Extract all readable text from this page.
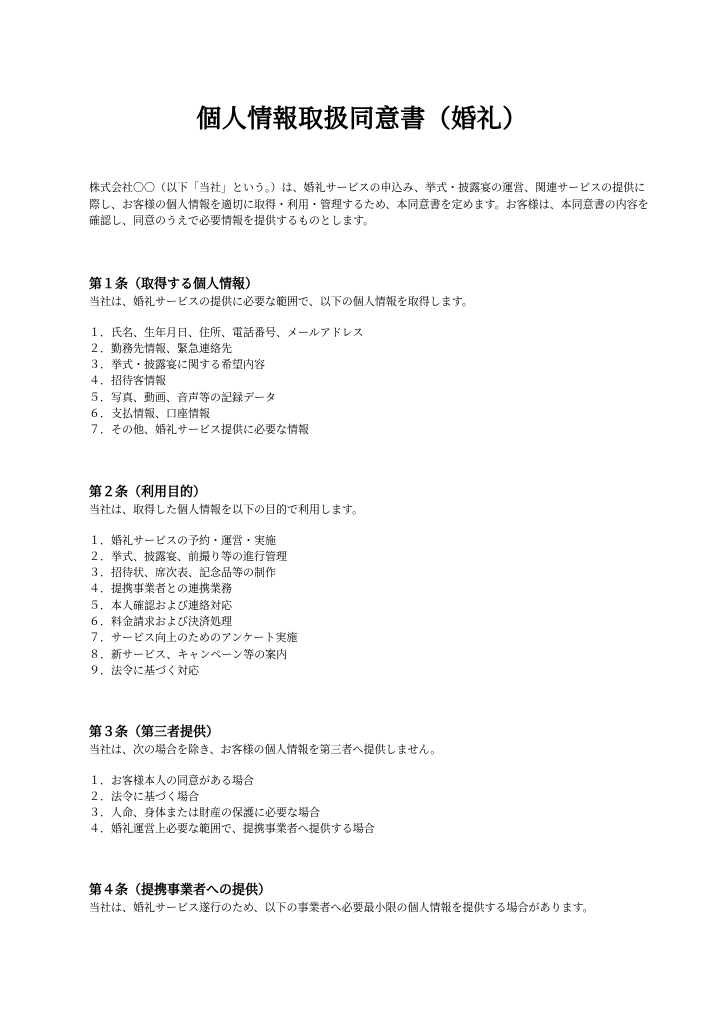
個人情報取扱同意書（婚礼）
株式会社〇〇（以下「当社」という。）は、婚礼サービスの申込み、挙式・披露宴の運営、関連サービスの提供に際し、お客様の個人情報を適切に取得・利用・管理するため、本同意書を定めます。お客様は、本同意書の内容を確認し、同意のうえで必要情報を提供するものとします。

第１条（取得する個人情報）

当社は、婚礼サービスの提供に必要な範囲で、以下の個人情報を取得します。

１．氏名、生年月日、住所、電話番号、メールアドレス
２．勤務先情報、緊急連絡先
３．挙式・披露宴に関する希望内容
４．招待客情報
５．写真、動画、音声等の記録データ
６．支払情報、口座情報
７．その他、婚礼サービス提供に必要な情報

第２条（利用目的）

当社は、取得した個人情報を以下の目的で利用します。

１．婚礼サービスの予約・運営・実施
２．挙式、披露宴、前撮り等の進行管理
３．招待状、席次表、記念品等の制作
４．提携事業者との連携業務
５．本人確認および連絡対応
６．料金請求および決済処理
７．サービス向上のためのアンケート実施
８．新サービス、キャンペーン等の案内
９．法令に基づく対応

第３条（第三者提供）

当社は、次の場合を除き、お客様の個人情報を第三者へ提供しません。

１．お客様本人の同意がある場合
２．法令に基づく場合
３．人命、身体または財産の保護に必要な場合
４．婚礼運営上必要な範囲で、提携事業者へ提供する場合

第４条（提携事業者への提供）

当社は、婚礼サービス遂行のため、以下の事業者へ必要最小限の個人情報を提供する場合があります。
